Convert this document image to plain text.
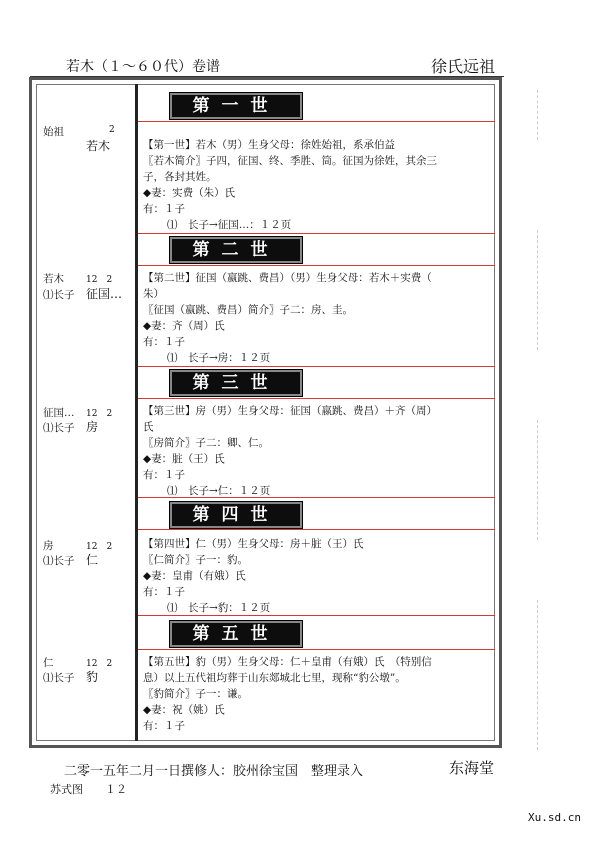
若木（１～６０代）卷谱	徐氏远祖
第一世
始祖	2
若木	【第一世】若木（男）生身父母：徐姓始祖，系承伯益
〖若木简介〗子四，征国、终、季胜、筒。征国为徐姓，其余三
子，各封其姓。
◆妻：实费（朱）氏
有：１子
⑴　长子→征国…：１２页
第二世
若木 12　2
⑴长子 征国…
【第二世】征国（嬴跳、费昌）（男）生身父母：若木＋实费（
朱）
〖征国（嬴跳、费昌）简介〗子二：房、圭。
◆妻：齐（周）氏
有：１子
⑴　长子→房：１２页
第三世
征国… 12　2
⑴长子 房
【第三世】房（男）生身父母：征国（嬴跳、费昌）＋齐（周）
氏
〖房简介〗子二：卿、仁。
◆妻：脏（王）氏
有：１子
⑴　长子→仁：１２页
第四世
房	12　2
⑴长子 仁
【第四世】仁（男）生身父母：房＋脏（王）氏
〖仁简介〗子一：豹。
◆妻：皇甫（有娥）氏
有：１子
⑴　长子→豹：１２页
第五世
仁	12　2
⑴长子 豹
【第五世】豹（男）生身父母：仁＋皇甫（有娥）氏　（特别信
息）以上五代祖均葬于山东郯城北七里，现称“豹公墩”。
〖豹简介〗子一：谦。
◆妻：祝（姚）氏
有：１子
二零一五年二月一日撰修人：胶州徐宝国　整理录入	东海堂
苏式图　　１２
Xu.sd.cn
